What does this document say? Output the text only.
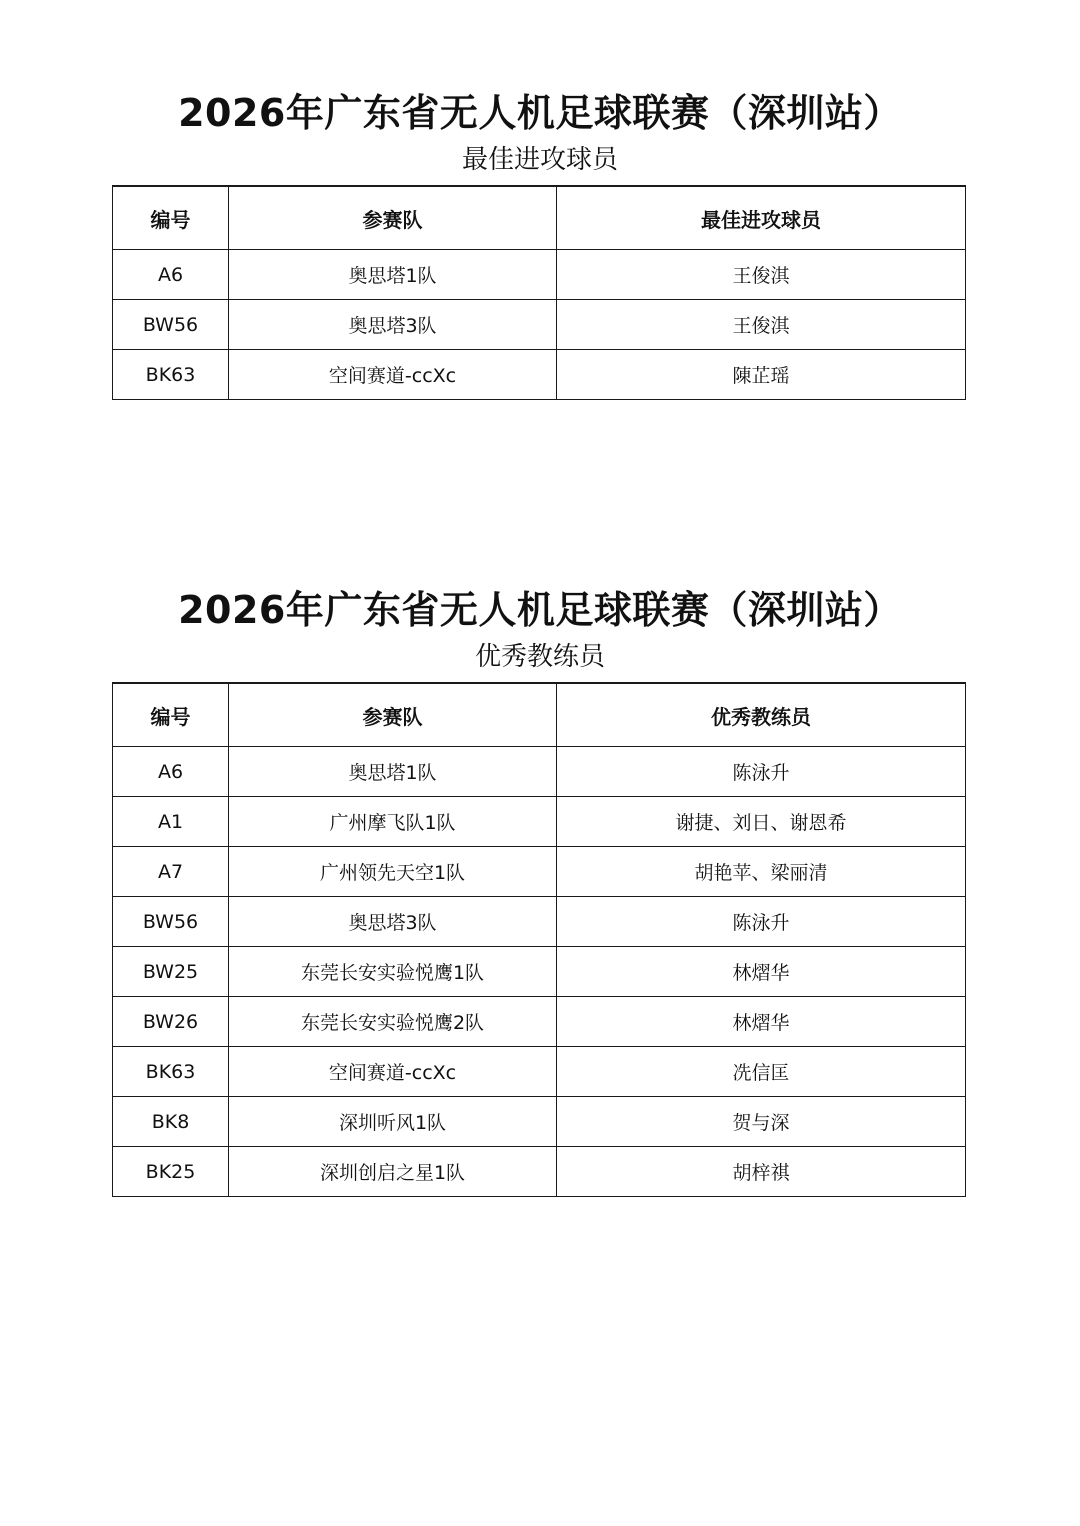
2026年广东省无人机足球联赛（深圳站）
最佳进攻球员
编号	参赛队	最佳进攻球员
A6	奥思塔1队	王俊淇
BW56	奥思塔3队	王俊淇
BK63	空间赛道-ccXc	陳芷瑶
2026年广东省无人机足球联赛（深圳站）
优秀教练员
编号	参赛队	优秀教练员
A6	奥思塔1队	陈泳升
A1	广州摩飞队1队	谢捷、刘日、谢恩希
A7	广州领先天空1队	胡艳苹、梁丽清
BW56	奥思塔3队	陈泳升
BW25	东莞长安实验悦鹰1队	林熠华
BW26	东莞长安实验悦鹰2队	林熠华
BK63	空间赛道-ccXc	冼信匡
BK8	深圳听风1队	贺与深
BK25	深圳创启之星1队	胡梓祺
